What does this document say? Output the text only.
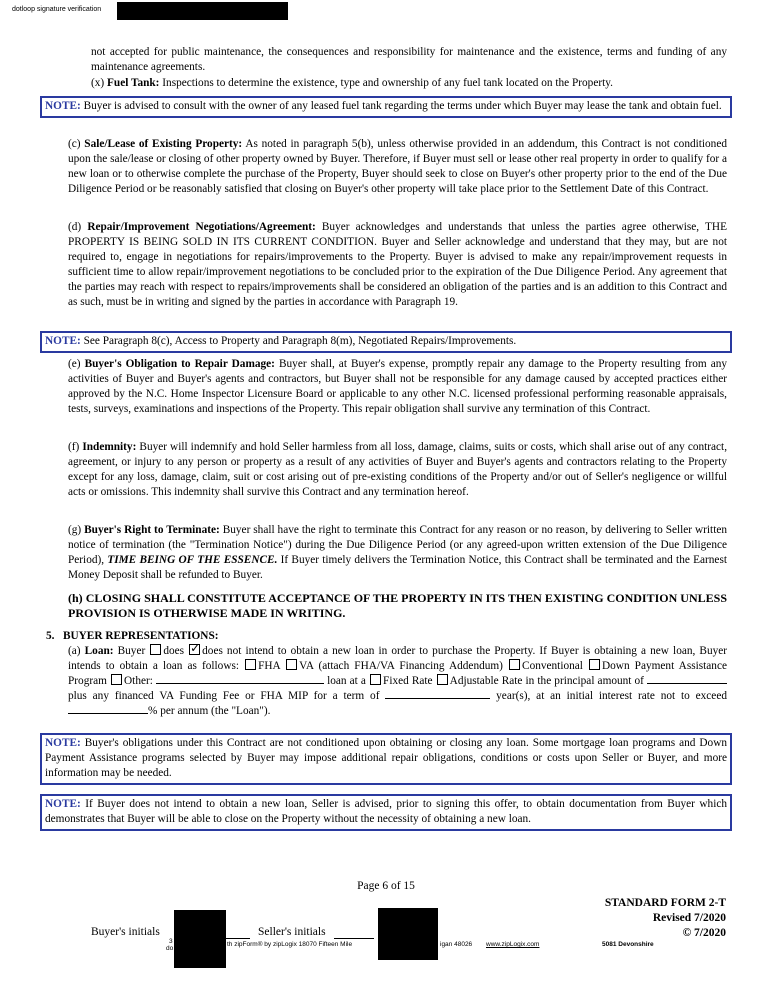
dotloop signature verification
not accepted for public maintenance, the consequences and responsibility for maintenance and the existence, terms and funding of any maintenance agreements.
(x) Fuel Tank: Inspections to determine the existence, type and ownership of any fuel tank located on the Property.
NOTE: Buyer is advised to consult with the owner of any leased fuel tank regarding the terms under which Buyer may lease the tank and obtain fuel.
(c) Sale/Lease of Existing Property: As noted in paragraph 5(b), unless otherwise provided in an addendum, this Contract is not conditioned upon the sale/lease or closing of other property owned by Buyer. Therefore, if Buyer must sell or lease other real property in order to qualify for a new loan or to otherwise complete the purchase of the Property, Buyer should seek to close on Buyer's other property prior to the end of the Due Diligence Period or be reasonably satisfied that closing on Buyer's other property will take place prior to the Settlement Date of this Contract.
(d) Repair/Improvement Negotiations/Agreement: Buyer acknowledges and understands that unless the parties agree otherwise, THE PROPERTY IS BEING SOLD IN ITS CURRENT CONDITION. Buyer and Seller acknowledge and understand that they may, but are not required to, engage in negotiations for repairs/improvements to the Property. Buyer is advised to make any repair/improvement requests in sufficient time to allow repair/improvement negotiations to be concluded prior to the expiration of the Due Diligence Period. Any agreement that the parties may reach with respect to repairs/improvements shall be considered an obligation of the parties and is an addition to this Contract and as such, must be in writing and signed by the parties in accordance with Paragraph 19.
NOTE: See Paragraph 8(c), Access to Property and Paragraph 8(m), Negotiated Repairs/Improvements.
(e) Buyer's Obligation to Repair Damage: Buyer shall, at Buyer's expense, promptly repair any damage to the Property resulting from any activities of Buyer and Buyer's agents and contractors, but Buyer shall not be responsible for any damage caused by accepted practices either approved by the N.C. Home Inspector Licensure Board or applicable to any other N.C. licensed professional performing reasonable appraisals, tests, surveys, examinations and inspections of the Property. This repair obligation shall survive any termination of this Contract.
(f) Indemnity: Buyer will indemnify and hold Seller harmless from all loss, damage, claims, suits or costs, which shall arise out of any contract, agreement, or injury to any person or property as a result of any activities of Buyer and Buyer's agents and contractors relating to the Property except for any loss, damage, claim, suit or cost arising out of pre-existing conditions of the Property and/or out of Seller's negligence or willful acts or omissions. This indemnity shall survive this Contract and any termination hereof.
(g) Buyer's Right to Terminate: Buyer shall have the right to terminate this Contract for any reason or no reason, by delivering to Seller written notice of termination (the "Termination Notice") during the Due Diligence Period (or any agreed-upon written extension of the Due Diligence Period), TIME BEING OF THE ESSENCE. If Buyer timely delivers the Termination Notice, this Contract shall be terminated and the Earnest Money Deposit shall be refunded to Buyer.
(h) CLOSING SHALL CONSTITUTE ACCEPTANCE OF THE PROPERTY IN ITS THEN EXISTING CONDITION UNLESS PROVISION IS OTHERWISE MADE IN WRITING.
5.   BUYER REPRESENTATIONS:
(a) Loan: Buyer does ✓ does not intend to obtain a new loan in order to purchase the Property. If Buyer is obtaining a new loan, Buyer intends to obtain a loan as follows: FHA VA (attach FHA/VA Financing Addendum) Conventional Down Payment Assistance Program Other:	loan at a Fixed Rate Adjustable Rate in the principal amount of  plus any financed VA Funding Fee or FHA MIP for a term of	year(s), at an initial interest rate not to exceed % per annum (the "Loan").
NOTE: Buyer's obligations under this Contract are not conditioned upon obtaining or closing any loan. Some mortgage loan programs and Down Payment Assistance programs selected by Buyer may impose additional repair obligations, conditions or costs upon Seller or Buyer, and more information may be needed.
NOTE: If Buyer does not intend to obtain a new loan, Seller is advised, prior to signing this offer, to obtain documentation from Buyer which demonstrates that Buyer will be able to close on the Property without the necessity of obtaining a new loan.
Page 6 of 15
STANDARD FORM 2-T
Revised 7/2020
© 7/2020
Buyer's initials	Seller's initials
3
do
th zipForm® by zipLogix 18070 Fifteen Mile	igan 48026 www.zipLogix.com	5081 Devonshire
